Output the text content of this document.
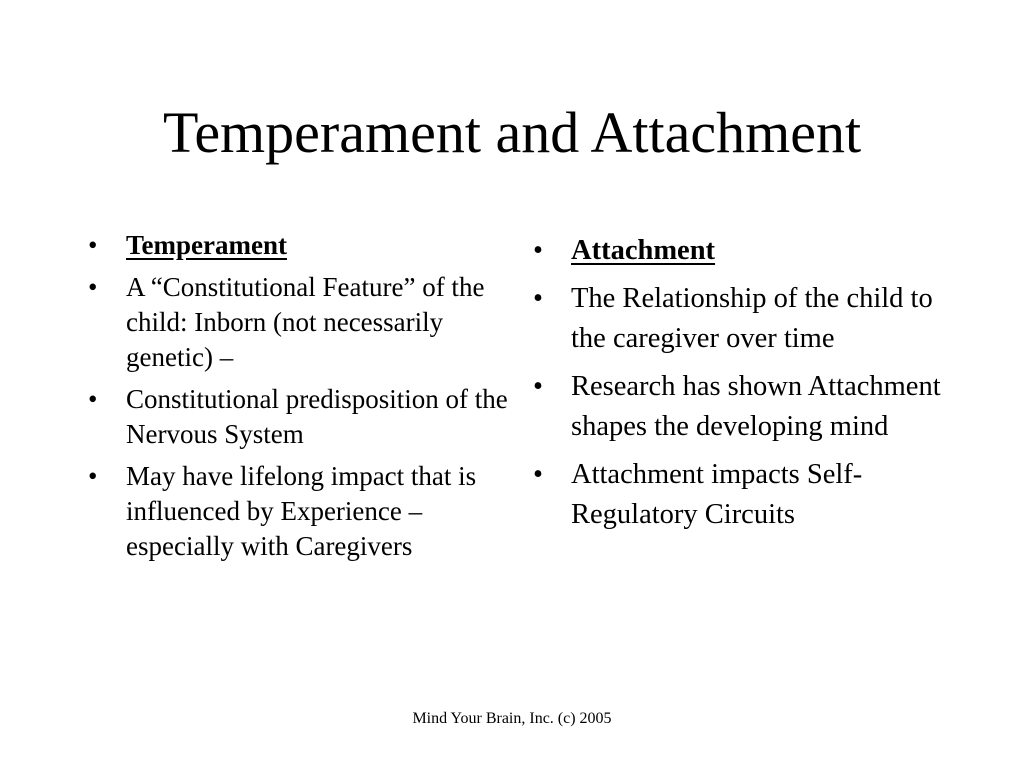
Temperament and Attachment
• Temperament
• A “Constitutional Feature” of the child: Inborn (not necessarily genetic) –
• Constitutional predisposition of the Nervous System
• May have lifelong impact that is influenced by Experience – especially with Caregivers
• Attachment
• The Relationship of the child to the caregiver over time
• Research has shown Attachment shapes the developing mind
• Attachment impacts Self-Regulatory Circuits
Mind Your Brain, Inc. (c) 2005
